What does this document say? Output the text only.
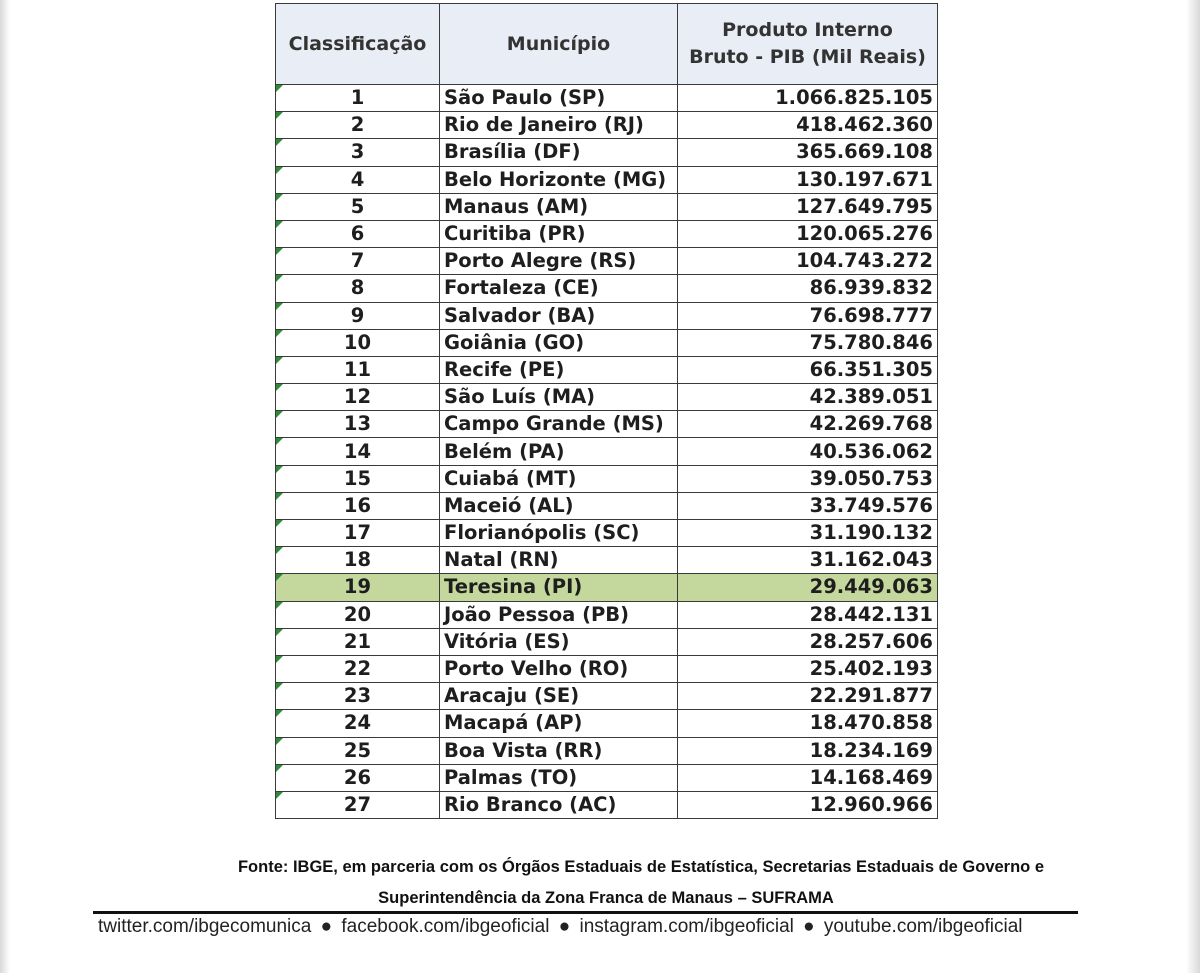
Classificação	Município	Produto Interno
Bruto - PIB (Mil Reais)

1	São Paulo (SP)	1.066.825.105
2	Rio de Janeiro (RJ)	418.462.360
3	Brasília (DF)	365.669.108
4	Belo Horizonte (MG)	130.197.671
5	Manaus (AM)	127.649.795
6	Curitiba (PR)	120.065.276
7	Porto Alegre (RS)	104.743.272
8	Fortaleza (CE)	86.939.832
9	Salvador (BA)	76.698.777
10	Goiânia (GO)	75.780.846
11	Recife (PE)	66.351.305
12	São Luís (MA)	42.389.051
13	Campo Grande (MS)	42.269.768
14	Belém (PA)	40.536.062
15	Cuiabá (MT)	39.050.753
16	Maceió (AL)	33.749.576
17	Florianópolis (SC)	31.190.132
18	Natal (RN)	31.162.043
19	Teresina (PI)	29.449.063
20	João Pessoa (PB)	28.442.131
21	Vitória (ES)	28.257.606
22	Porto Velho (RO)	25.402.193
23	Aracaju (SE)	22.291.877
24	Macapá (AP)	18.470.858
25	Boa Vista (RR)	18.234.169
26	Palmas (TO)	14.168.469
27	Rio Branco (AC)	12.960.966
Fonte: IBGE, em parceria com os Órgãos Estaduais de Estatística, Secretarias Estaduais de Governo e
Superintendência da Zona Franca de Manaus – SUFRAMA
twitter.com/ibgecomunica ● facebook.com/ibgeoficial ● instagram.com/ibgeoficial ● youtube.com/ibgeoficial
